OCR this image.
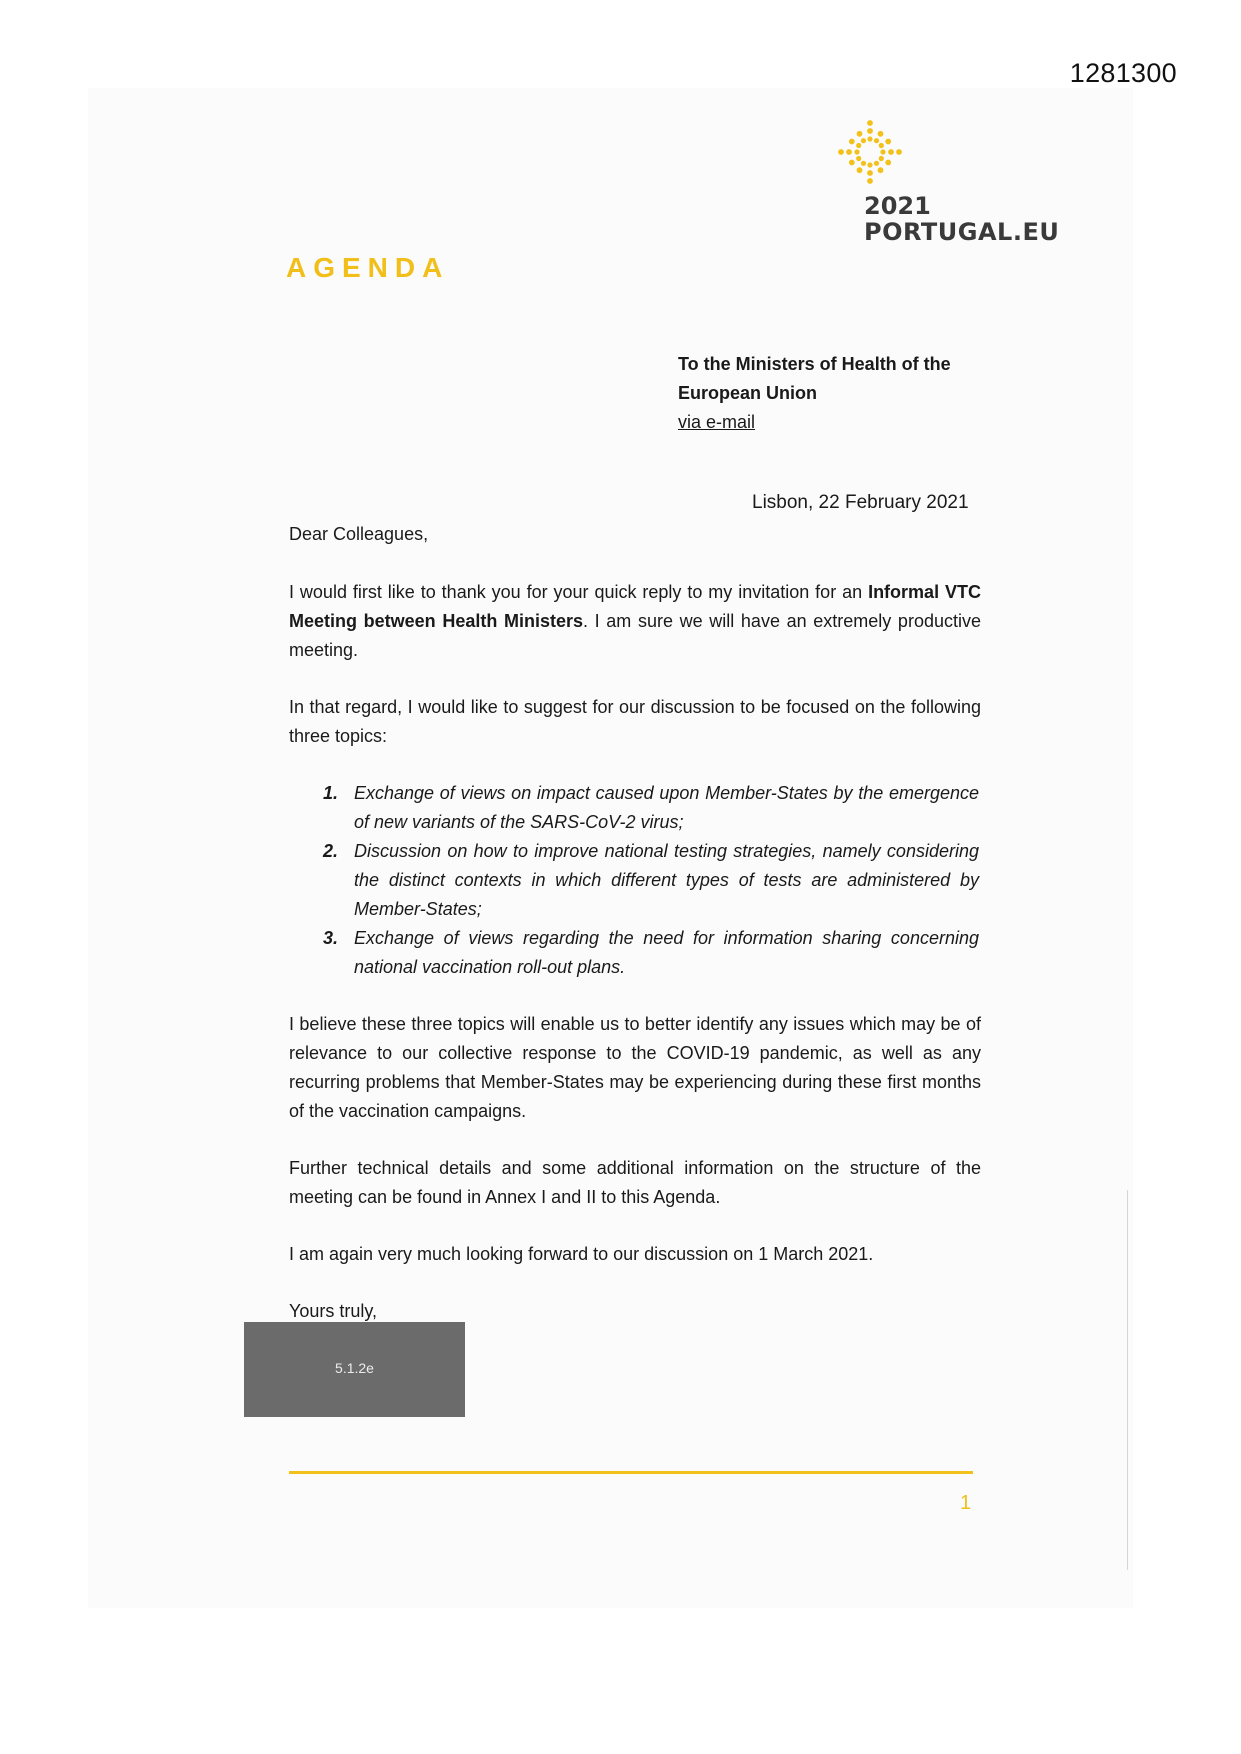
1281300
2021
PORTUGAL.EU
AGENDA
To the Ministers of Health of the
European Union
via e-mail
Lisbon, 22 February 2021

Dear Colleagues,

I would first like to thank you for your quick reply to my invitation for an Informal VTC Meeting between Health Ministers. I am sure we will have an extremely productive meeting.

In that regard, I would like to suggest for our discussion to be focused on the following three topics:

1. Exchange of views on impact caused upon Member-States by the emergence of new variants of the SARS-CoV-2 virus;
2. Discussion on how to improve national testing strategies, namely considering the distinct contexts in which different types of tests are administered by Member-States;
3. Exchange of views regarding the need for information sharing concerning national vaccination roll-out plans.

I believe these three topics will enable us to better identify any issues which may be of relevance to our collective response to the COVID-19 pandemic, as well as any recurring problems that Member-States may be experiencing during these first months of the vaccination campaigns.

Further technical details and some additional information on the structure of the meeting can be found in Annex I and II to this Agenda.

I am again very much looking forward to our discussion on 1 March 2021.

Yours truly,

5.1.2e
1
